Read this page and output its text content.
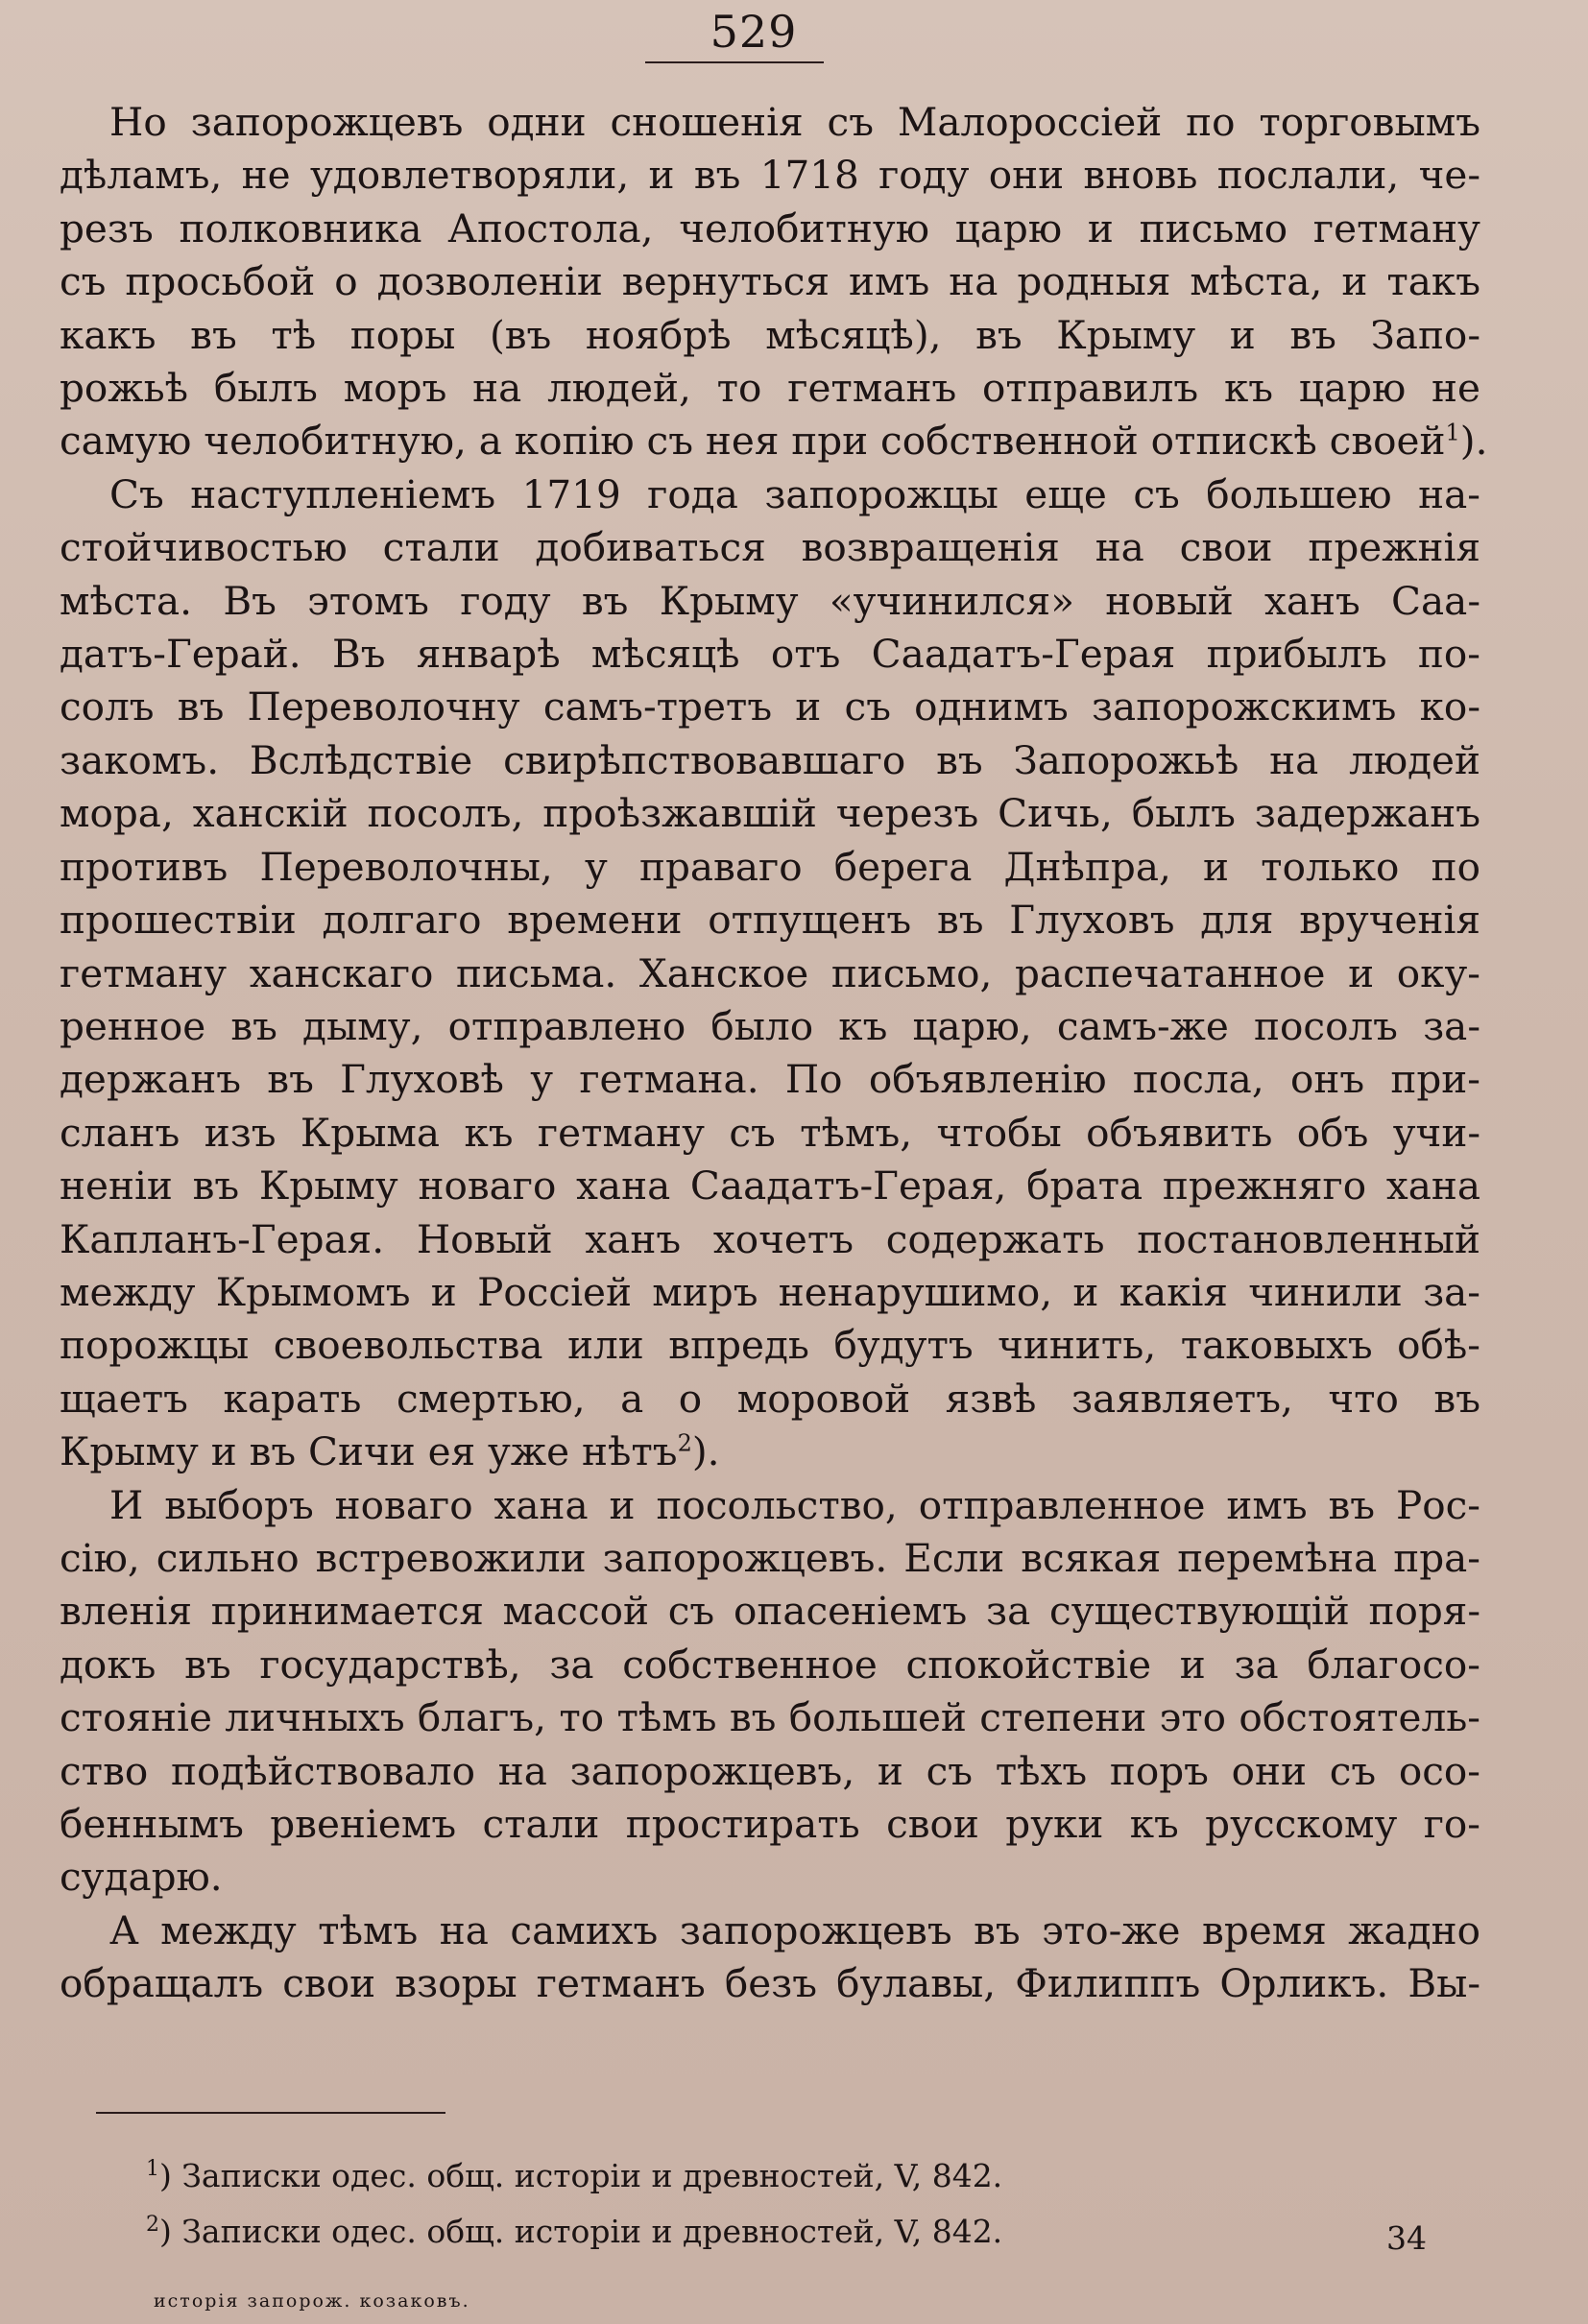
529
Но запорожцевъ одни сношенія съ Малороссіей по торговымъ
дѣламъ, не удовлетворяли, и въ 1718 году они вновь послали, че-
резъ полковника Апостола, челобитную царю и письмо гетману
съ просьбой о дозволеніи вернуться имъ на родныя мѣста, и такъ
какъ въ тѣ поры (въ ноябрѣ мѣсяцѣ), въ Крыму и въ Запо-
рожьѣ былъ моръ на людей, то гетманъ отправилъ къ царю не
самую челобитную, а копію съ нея при собственной отпискѣ своей$^1$).
Съ наступленіемъ 1719 года запорожцы еще съ большею на-
стойчивостью стали добиваться возвращенія на свои прежнія
мѣста. Въ этомъ году въ Крыму «учинился» новый ханъ Саа-
датъ-Герай. Въ январѣ мѣсяцѣ отъ Саадатъ-Герая прибылъ по-
солъ въ Переволочну самъ-третъ и съ однимъ запорожскимъ ко-
закомъ. Вслѣдствіе свирѣпствовавшаго въ Запорожьѣ на людей
мора, ханскій посолъ, проѣзжавшій черезъ Сичь, былъ задержанъ
противъ Переволочны, у праваго берега Днѣпра, и только по
прошествіи долгаго времени отпущенъ въ Глуховъ для врученія
гетману ханскаго письма. Ханское письмо, распечатанное и оку-
ренное въ дыму, отправлено было къ царю, самъ-же посолъ за-
держанъ въ Глуховѣ у гетмана. По объявленію посла, онъ при-
сланъ изъ Крыма къ гетману съ тѣмъ, чтобы объявить объ учи-
неніи въ Крыму новаго хана Саадатъ-Герая, брата прежняго хана
Капланъ-Герая. Новый ханъ хочетъ содержать постановленный
между Крымомъ и Россіей миръ ненарушимо, и какія чинили за-
порожцы своевольства или впредь будутъ чинить, таковыхъ обѣ-
щаетъ карать смертью, а о моровой язвѣ заявляетъ, что въ
Крыму и въ Сичи ея уже нѣтъ$^2$).
И выборъ новаго хана и посольство, отправленное имъ въ Рос-
сію, сильно встревожили запорожцевъ. Если всякая перемѣна пра-
вленія принимается массой съ опасеніемъ за существующій поря-
докъ въ государствѣ, за собственное спокойствіе и за благосо-
стояніе личныхъ благъ, то тѣмъ въ большей степени это обстоятель-
ство подѣйствовало на запорожцевъ, и съ тѣхъ поръ они съ осо-
беннымъ рвеніемъ стали простирать свои руки къ русскому го-
сударю.
А между тѣмъ на самихъ запорожцевъ въ это-же время жадно
обращалъ свои взоры гетманъ безъ булавы, Филиппъ Орликъ. Вы-
$^1$) Записки одес. общ. исторіи и древностей, V, 842.
$^2$) Записки одес. общ. исторіи и древностей, V, 842.	34
исторія запорож. козаковъ.
